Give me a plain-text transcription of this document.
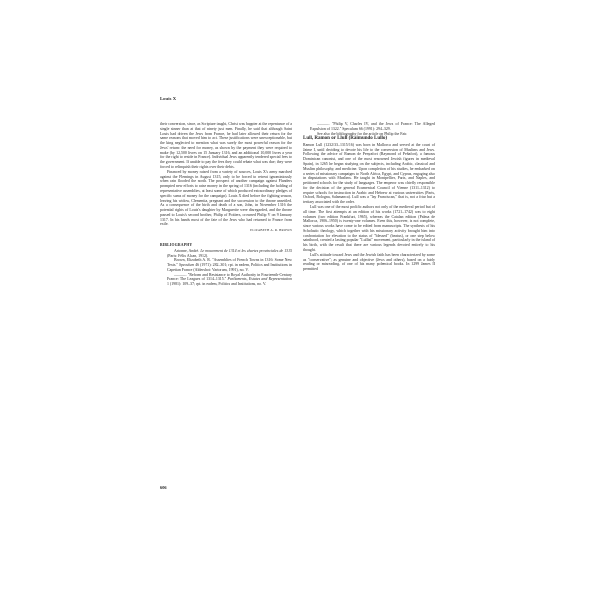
Louis X

their conversion, since, as Scripture taught, Christ was happier at the repentance of a single sinner than at that of ninety just men. Finally, he said that although Saint Louis had driven the Jews from France, he had later allowed their return for the same reasons that moved him to act. These justifications were unexceptionable, but the king neglected to mention what was surely the most powerful reason for the Jews' return: the need for money, as shown by the payment they were required to make (by 12,500 livres on 15 January 1316, and an additional 10,000 livres a year for the right to reside in France). Individual Jews apparently tendered special fees to the government. If unable to pay the fees they could rebate what was due; they were forced to relinquish their rights over their debts.

Financed by money raised from a variety of sources, Louis X's army marched against the Flemings in August 1315, only to be forced to retreat ignominiously when rain flooded the north. The prospect of another campaign against Flanders prompted new efforts to raise money in the spring of 1316 (including the holding of representative assemblies, at least some of which produced extraordinary pledges of specific sums of money for the campaign). Louis X died before the fighting season, leaving his widow, Clementia, pregnant and the succession to the throne unsettled. As a consequence of the birth and death of a son, John, in November 1316 the potential rights of Louis's daughter by Marguerite were disregarded, and the throne passed to Louis's second brother, Philip of Poitiers, crowned Philip V on 9 January 1317. In his hands most of the fate of the Jews who had returned to France from exile.

ELIZABETH A. R. BROWN
BIBLIOGRAPHY

Artonne, André. Le mouvement de 1314 et les chartes provinciales de 1315 (Paris: Félix Alcan, 1912).

Brown, Elizabeth A. R. "Assemblies of French Towns in 1316: Some New Texts." Speculum 46 (1971): 282–301; rpt. in eadem, Politics and Institutions in Capetian France (Aldershot: Variorum, 1991), no. V.

———. "Reform and Resistance to Royal Authority in Fourteenth-Century France: The Leagues of 1314–1315." Parliaments, Estates and Representation 1 (1981): 109–37; rpt. in eadem, Politics and Institutions, no. V.

———. "Philip V, Charles IV, and the Jews of France: The Alleged Expulsion of 1322." Speculum 66 (1991): 294–329.

See also the bibliography for the article on Philip the Fair.

Lull, Ramon or Llull (Raimundo Lullo)

Ramon Lull (1232/33–1315/16) was born in Mallorca and served at the court of Jaime I, until deciding to devote his life to the conversion of Muslims and Jews. Following the advice of Ramon de Penyafort (Raymond of Peñafort), a famous Dominican canonist, and one of the most renowned Jewish figures in medieval Spain), in 1265 he began studying on the subjects, including Arabic, classical and Muslim philosophy, and medicine. Upon completion of his studies, he embarked on a series of missionary campaigns to North Africa, Egypt, and Cyprus, engaging also in disputations with Muslims. He taught in Montpellier, Paris, and Naples, and petitioned schools for the study of languages. The emperor was chiefly responsible for the decision of the general Ecumenical Council of Vienne (1311–1312) to require schools for instruction in Arabic and Hebrew at various universities (Paris, Oxford, Bologna, Salamanca). Lull was a "lay Franciscan," that is, not a friar but a tertiary associated with the order.

Lull was one of the most prolific authors not only of the medieval period but of all time. The first attempts at an edition of his works (1721–1742) was to eight volumes (two edition Frankfurt, 1965), whereas the Catalan edition (Palma de Mallorca, 1906–1950) is twenty-one volumes. Even this, however, is not complete, since various works have come to be edited from manuscripts. The synthesis of his Scholastic theology, which together with his missionary activity brought him into confrontation for elevation to the status of "blessed" (beatus), or one step below sainthood, created a lasting popular "Lullist" movement, particularly in the island of his birth, with the result that there are various legends devoted entirely to his thought.

Lull's attitude toward Jews and the Jewish faith has been characterized by some as "conservative"; as genuine and objective (Jews and others), based on a fairly reading or misreading, of one of his many polemical books. In 1299 James II permitted

606
